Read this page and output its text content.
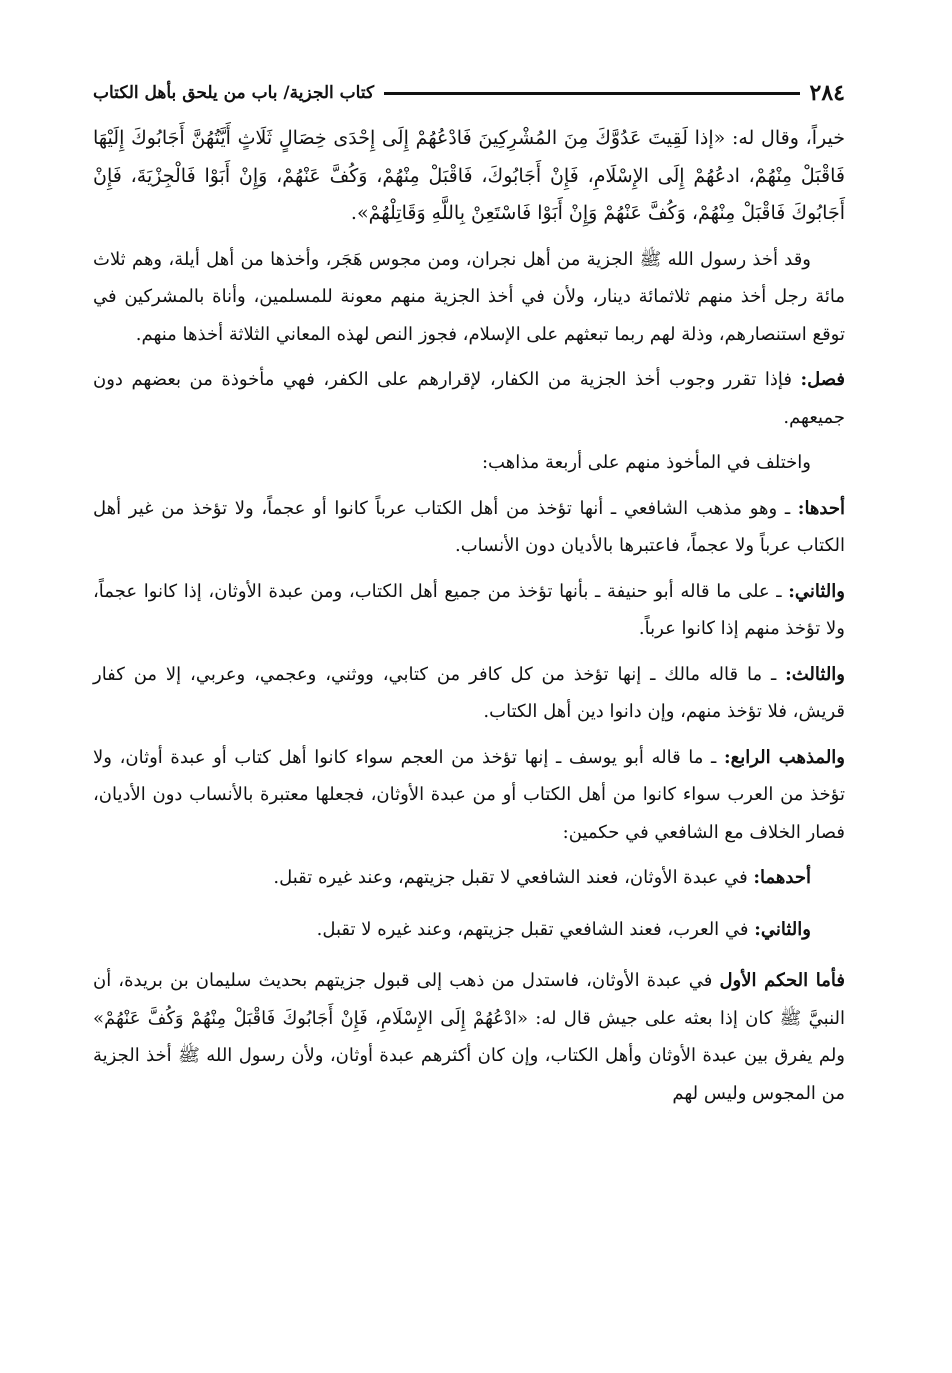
٢٨٤
كتاب الجزية/ باب من يلحق بأهل الكتاب

خيراً، وقال له: «إذا لَقِيتَ عَدُوَّكَ مِنَ المُشْرِكِينَ فَادْعُهُمْ إِلَى إِحْدَى خِصَالٍ ثَلَاثٍ أَيَّتُهُنَّ أَجَابُوكَ إِلَيْهَا فَاقْبَلْ مِنْهُمْ، ادعُهُمْ إِلَى الإِسْلَامِ، فَإِنْ أَجَابُوكَ، فَاقْبَلْ مِنْهُمْ، وَكُفَّ عَنْهُمْ، وَإِنْ أَبَوْا فَالْجِزْيَةَ، فَإِنْ أَجَابُوكَ فَاقْبَلْ مِنْهُمْ، وَكُفَّ عَنْهُمْ وَإِنْ أَبَوْا فَاسْتَعِنْ بِاللَّهِ وَقَاتِلْهُمْ».

وقد أخذ رسول الله ﷺ الجزية من أهل نجران، ومن مجوس هَجَر، وأخذها من أهل أيلة، وهم ثلاث مائة رجل أخذ منهم ثلاثمائة دينار، ولأن في أخذ الجزية منهم معونة للمسلمين، وأناة بالمشركين في توقع استنصارهم، وذلة لهم ربما تبعثهم على الإسلام، فجوز النص لهذه المعاني الثلاثة أخذها منهم.

فصل: فإذا تقرر وجوب أخذ الجزية من الكفار، لإقرارهم على الكفر، فهي مأخوذة من بعضهم دون جميعهم.

واختلف في المأخوذ منهم على أربعة مذاهب:

أحدها: ـ وهو مذهب الشافعي ـ أنها تؤخذ من أهل الكتاب عرباً كانوا أو عجماً، ولا تؤخذ من غير أهل الكتاب عرباً ولا عجماً، فاعتبرها بالأديان دون الأنساب.

والثاني: ـ على ما قاله أبو حنيفة ـ بأنها تؤخذ من جميع أهل الكتاب، ومن عبدة الأوثان، إذا كانوا عجماً، ولا تؤخذ منهم إذا كانوا عرباً.

والثالث: ـ ما قاله مالك ـ إنها تؤخذ من كل كافر من كتابي، ووثني، وعجمي، وعربي، إلا من كفار قريش، فلا تؤخذ منهم، وإن دانوا دين أهل الكتاب.

والمذهب الرابع: ـ ما قاله أبو يوسف ـ إنها تؤخذ من العجم سواء كانوا أهل كتاب أو عبدة أوثان، ولا تؤخذ من العرب سواء كانوا من أهل الكتاب أو من عبدة الأوثان، فجعلها معتبرة بالأنساب دون الأديان، فصار الخلاف مع الشافعي في حكمين:

أحدهما: في عبدة الأوثان، فعند الشافعي لا تقبل جزيتهم، وعند غيره تقبل.

والثاني: في العرب، فعند الشافعي تقبل جزيتهم، وعند غيره لا تقبل.

فأما الحكم الأول في عبدة الأوثان، فاستدل من ذهب إلى قبول جزيتهم بحديث سليمان بن بريدة، أن النبيَّ ﷺ كان إذا بعثه على جيش قال له: «ادْعُهُمْ إِلَى الإِسْلَامِ، فَإِنْ أَجَابُوكَ فَاقْبَلْ مِنْهُمْ وَكُفَّ عَنْهُمْ» ولم يفرق بين عبدة الأوثان وأهل الكتاب، وإن كان أكثرهم عبدة أوثان، ولأن رسول الله ﷺ أخذ الجزية من المجوس وليس لهم
